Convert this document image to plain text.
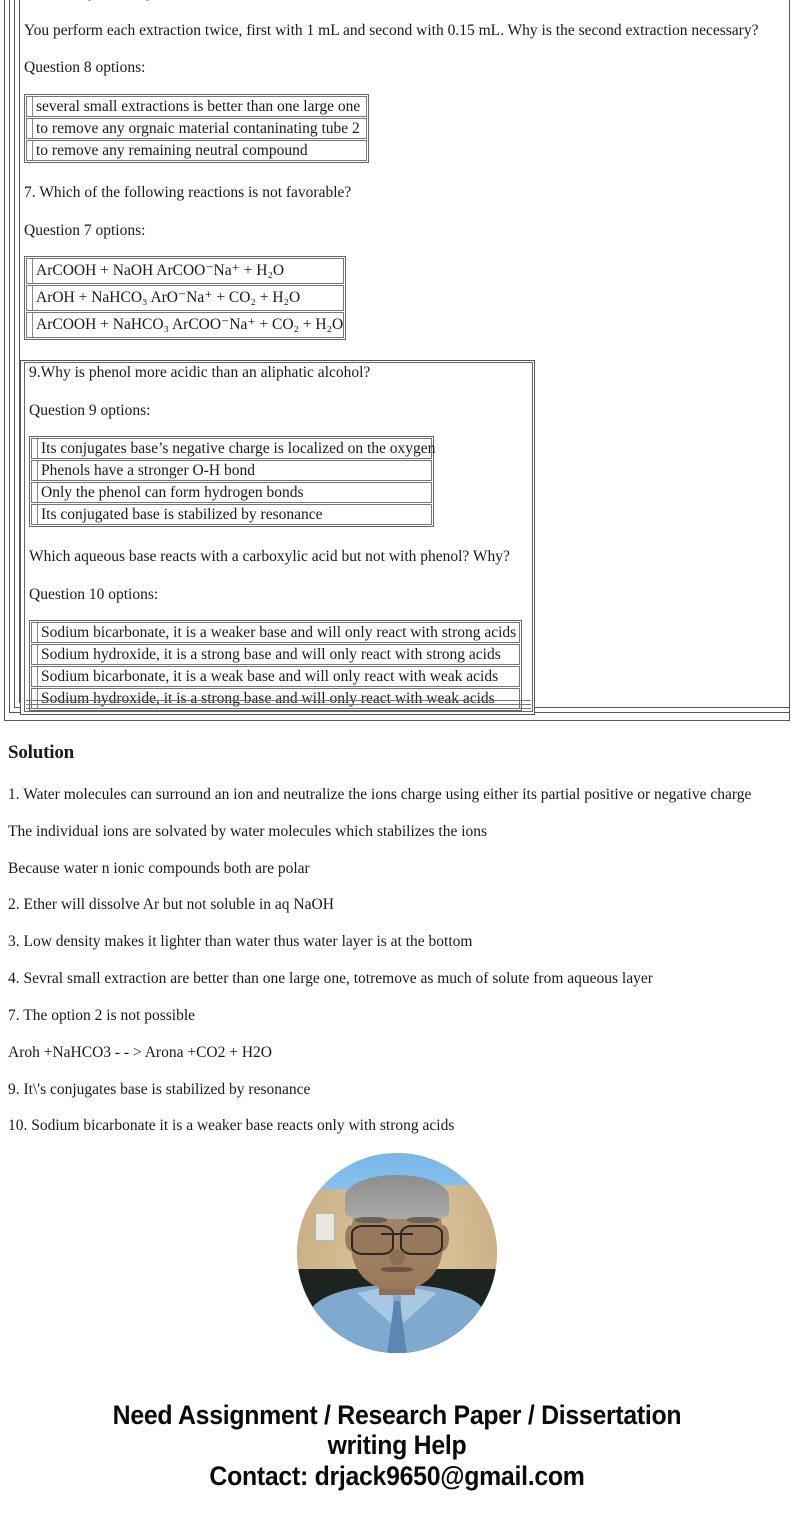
You perform each extraction twice, first with 1 mL and second with 0.15 mL. Why is the second extraction necessary?
Question 8 options:
several small extractions is better than one large one
to remove any orgnaic material contaninating tube 2
to remove any remaining neutral compound
7. Which of the following reactions is not favorable?
Question 7 options:
ArCOOH + NaOH ArCOO⁻Na⁺ + H₂O
ArOH + NaHCO₃ ArO⁻Na⁺ + CO₂ + H₂O
ArCOOH + NaHCO₃ ArCOO⁻Na⁺ + CO₂ + H₂O
9.Why is phenol more acidic than an aliphatic alcohol?
Question 9 options:
Its conjugates base’s negative charge is localized on the oxygen
Phenols have a stronger O-H bond
Only the phenol can form hydrogen bonds
Its conjugated base is stabilized by resonance
Which aqueous base reacts with a carboxylic acid but not with phenol? Why?
Question 10 options:
Sodium bicarbonate, it is a weaker base and will only react with strong acids
Sodium hydroxide, it is a strong base and will only react with strong acids
Sodium bicarbonate, it is a weak base and will only react with weak acids
Sodium hydroxide, it is a strong base and will only react with weak acids
Solution
1. Water molecules can surround an ion and neutralize the ions charge using either its partial positive or negative charge
The individual ions are solvated by water molecules which stabilizes the ions
Because water n ionic compounds both are polar
2. Ether will dissolve Ar but not soluble in aq NaOH
3. Low density makes it lighter than water thus water layer is at the bottom
4. Sevral small extraction are better than one large one, totremove as much of solute from aqueous layer
7. The option 2 is not possible
Aroh +NaHCO3 - - > Arona +CO2 + H2O
9. It\'s conjugates base is stabilized by resonance
10. Sodium bicarbonate it is a weaker base reacts only with strong acids
Need Assignment / Research Paper / Dissertation
writing Help
Contact: drjack9650@gmail.com
